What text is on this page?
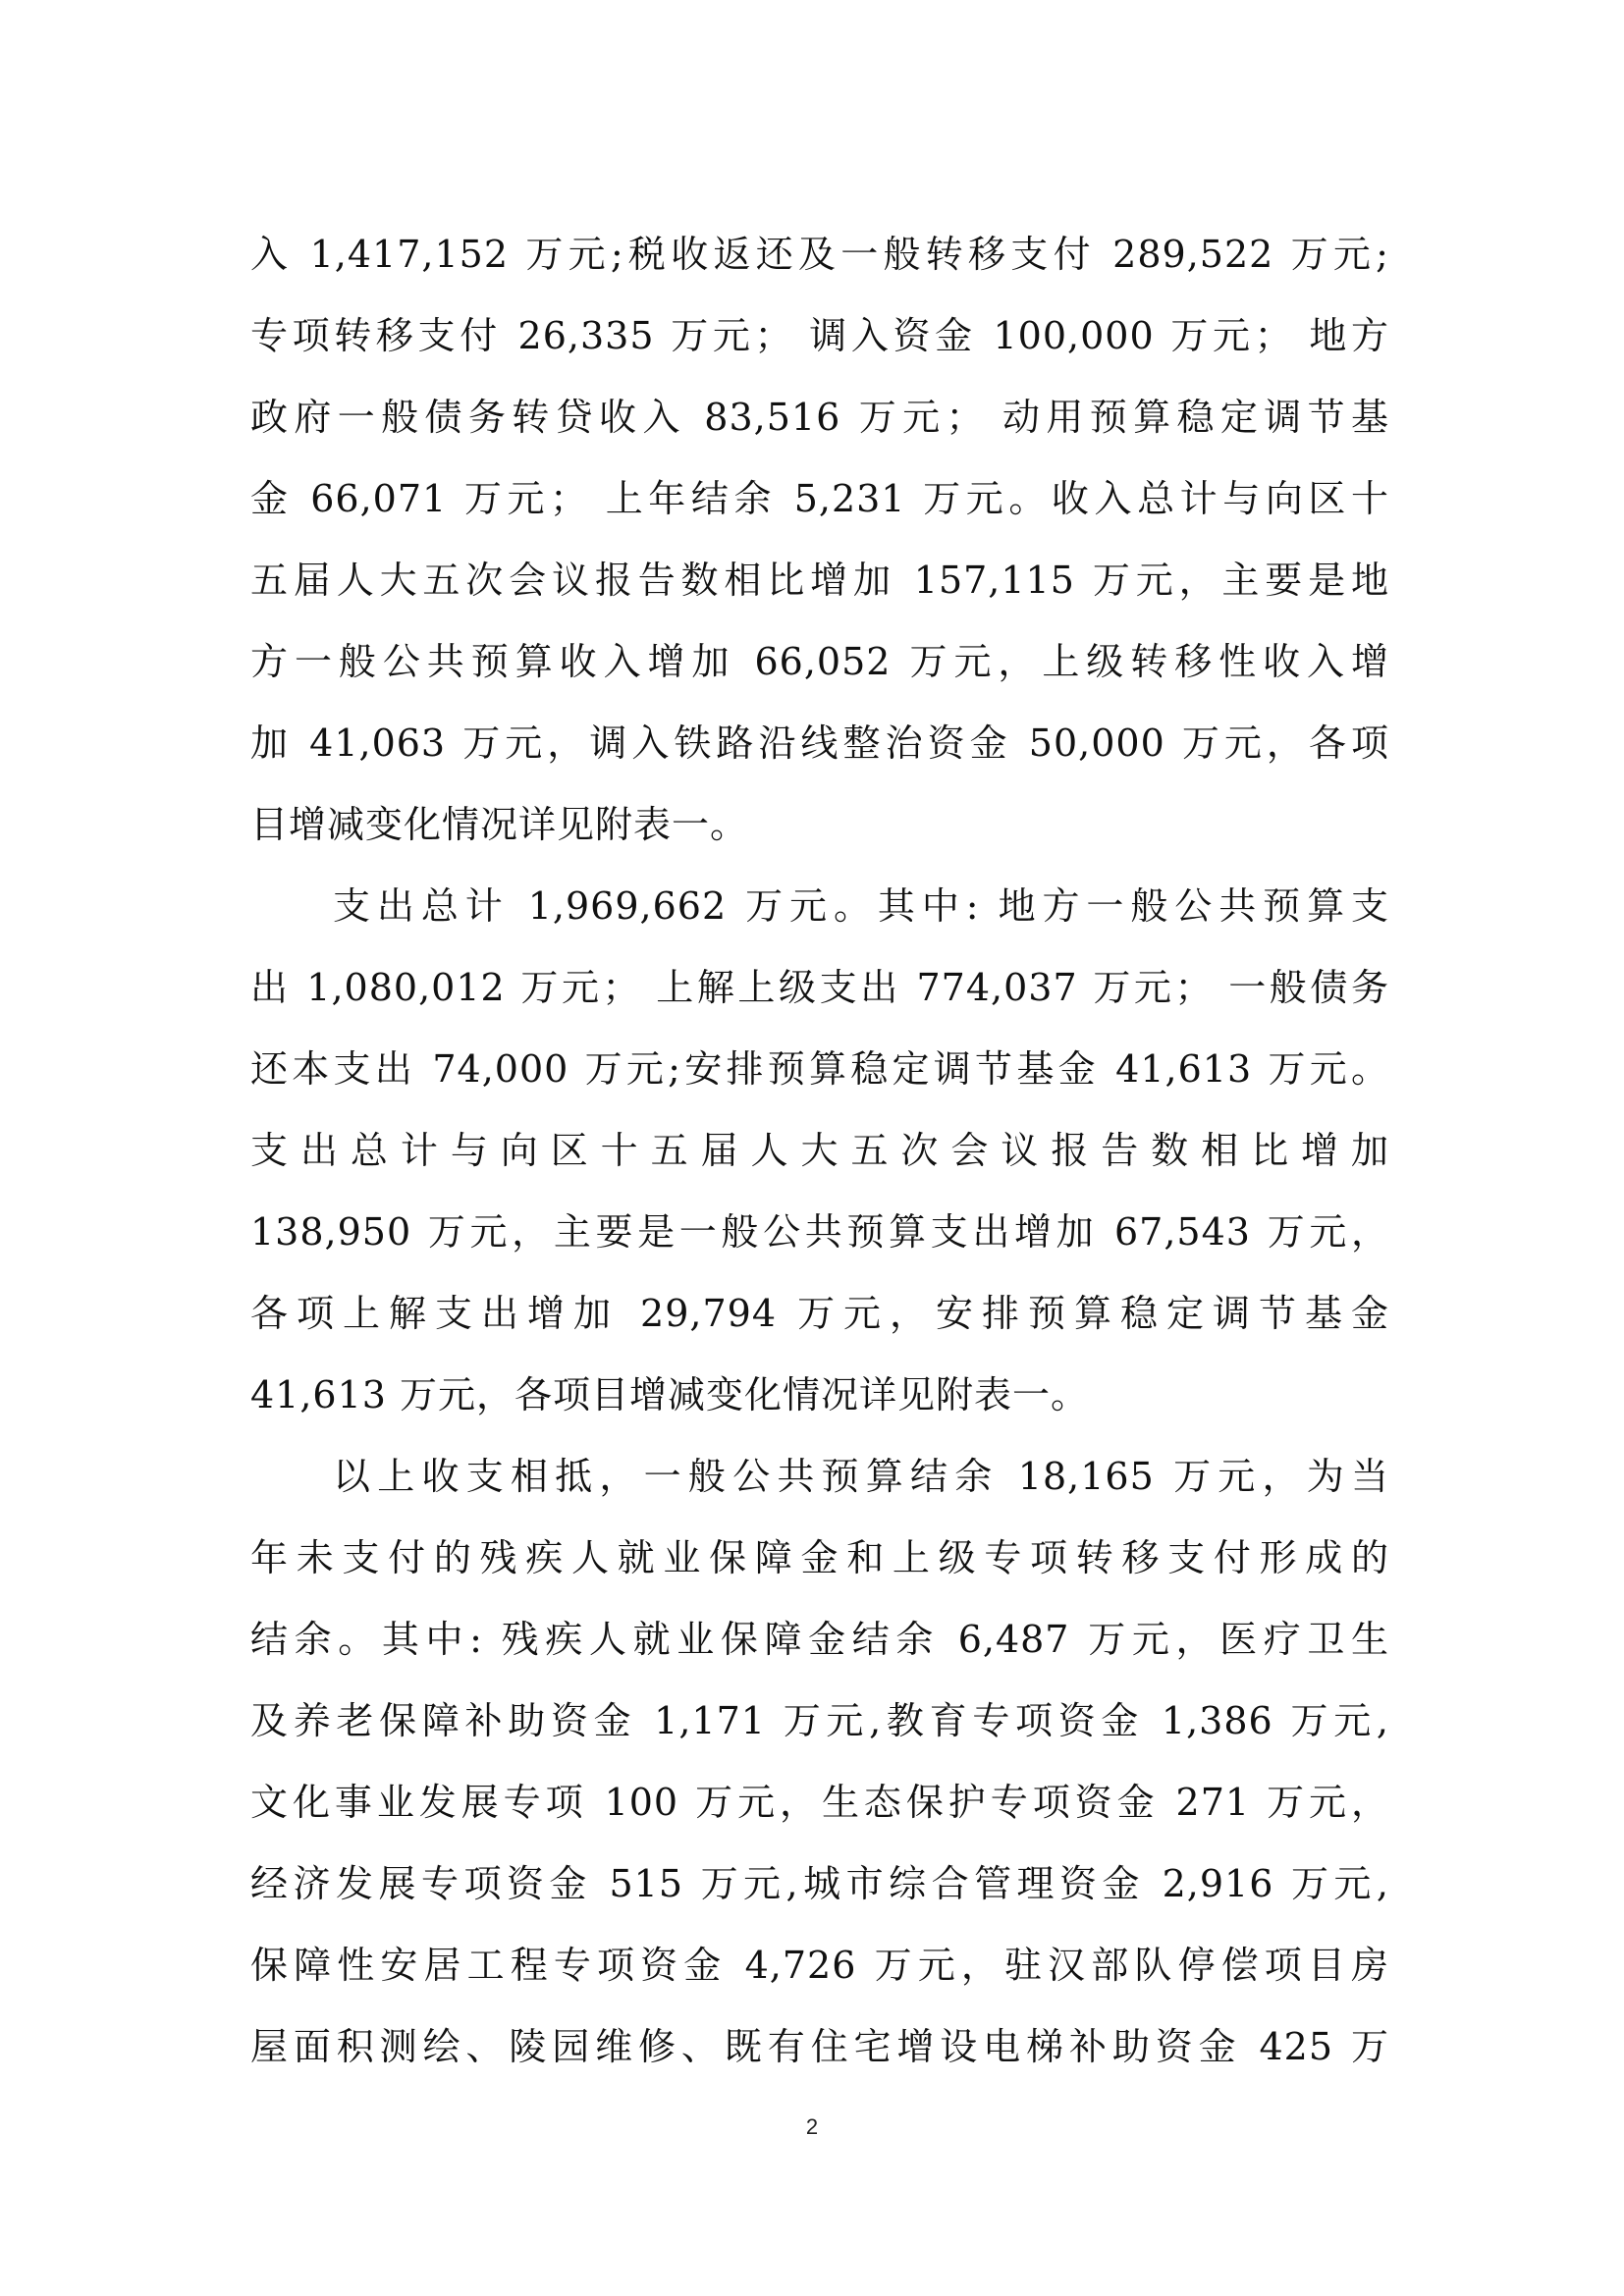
入 1,417,152 万元;税收返还及一般转移支付 289,522 万元;
专项转移支付 26,335 万元； 调入资金 100,000 万元； 地方
政府一般债务转贷收入 83,516 万元； 动用预算稳定调节基
金 66,071 万元； 上年结余 5,231 万元。收入总计与向区十
五届人大五次会议报告数相比增加 157,115 万元，主要是地
方一般公共预算收入增加 66,052 万元，上级转移性收入增
加 41,063 万元，调入铁路沿线整治资金 50,000 万元，各项
目增减变化情况详见附表一。
支出总计 1,969,662 万元。其中: 地方一般公共预算支
出 1,080,012 万元； 上解上级支出 774,037 万元； 一般债务
还本支出 74,000 万元;安排预算稳定调节基金 41,613 万元。
支出总计与向区十五届人大五次会议报告数相比增加
138,950 万元，主要是一般公共预算支出增加 67,543 万元，
各项上解支出增加 29,794 万元，安排预算稳定调节基金
41,613 万元，各项目增减变化情况详见附表一。
以上收支相抵，一般公共预算结余 18,165 万元，为当
年未支付的残疾人就业保障金和上级专项转移支付形成的
结余。其中: 残疾人就业保障金结余 6,487 万元，医疗卫生
及养老保障补助资金 1,171 万元,教育专项资金 1,386 万元,
文化事业发展专项 100 万元，生态保护专项资金 271 万元，
经济发展专项资金 515 万元,城市综合管理资金 2,916 万元,
保障性安居工程专项资金 4,726 万元，驻汉部队停偿项目房
屋面积测绘、陵园维修、既有住宅增设电梯补助资金 425 万
2
